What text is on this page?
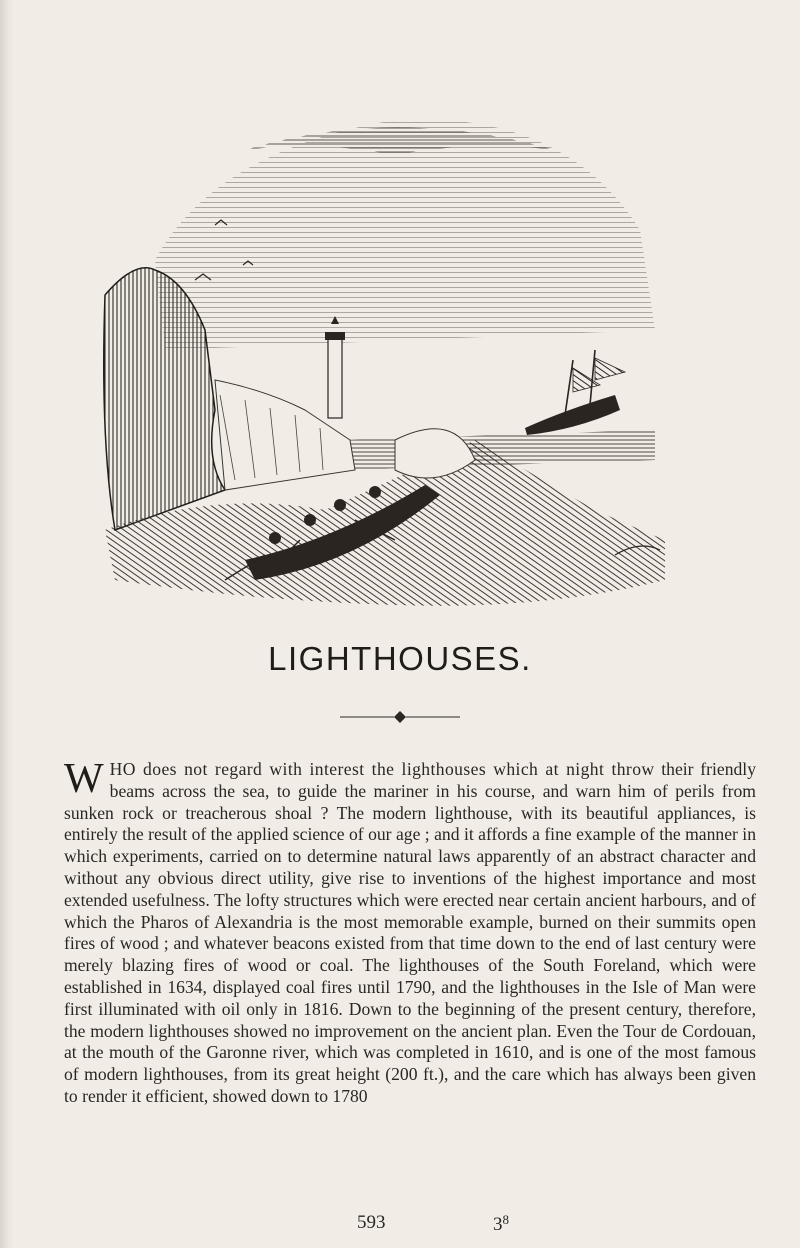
LIGHTHOUSES.

W HO does not regard with interest the lighthouses which at night throw their friendly beams across the sea, to guide the mariner in his course, and warn him of perils from sunken rock or treacherous shoal ? The modern lighthouse, with its beautiful appliances, is entirely the result of the applied science of our age ; and it affords a fine example of the manner in which experiments, carried on to determine natural laws apparently of an abstract character and without any obvious direct utility, give rise to inventions of the highest importance and most extended usefulness. The lofty structures which were erected near certain ancient harbours, and of which the Pharos of Alexandria is the most memorable example, burned on their summits open fires of wood ; and whatever beacons existed from that time down to the end of last century were merely blazing fires of wood or coal. The lighthouses of the South Foreland, which were established in 1634, displayed coal fires until 1790, and the lighthouses in the Isle of Man were first illuminated with oil only in 1816. Down to the beginning of the present century, therefore, the modern lighthouses showed no improvement on the ancient plan. Even the Tour de Cordouan, at the mouth of the Garonne river, which was completed in 1610, and is one of the most famous of modern lighthouses, from its great height (200 ft.), and the care which has always been given to render it efficient, showed down to 1780

593	$3^8$
